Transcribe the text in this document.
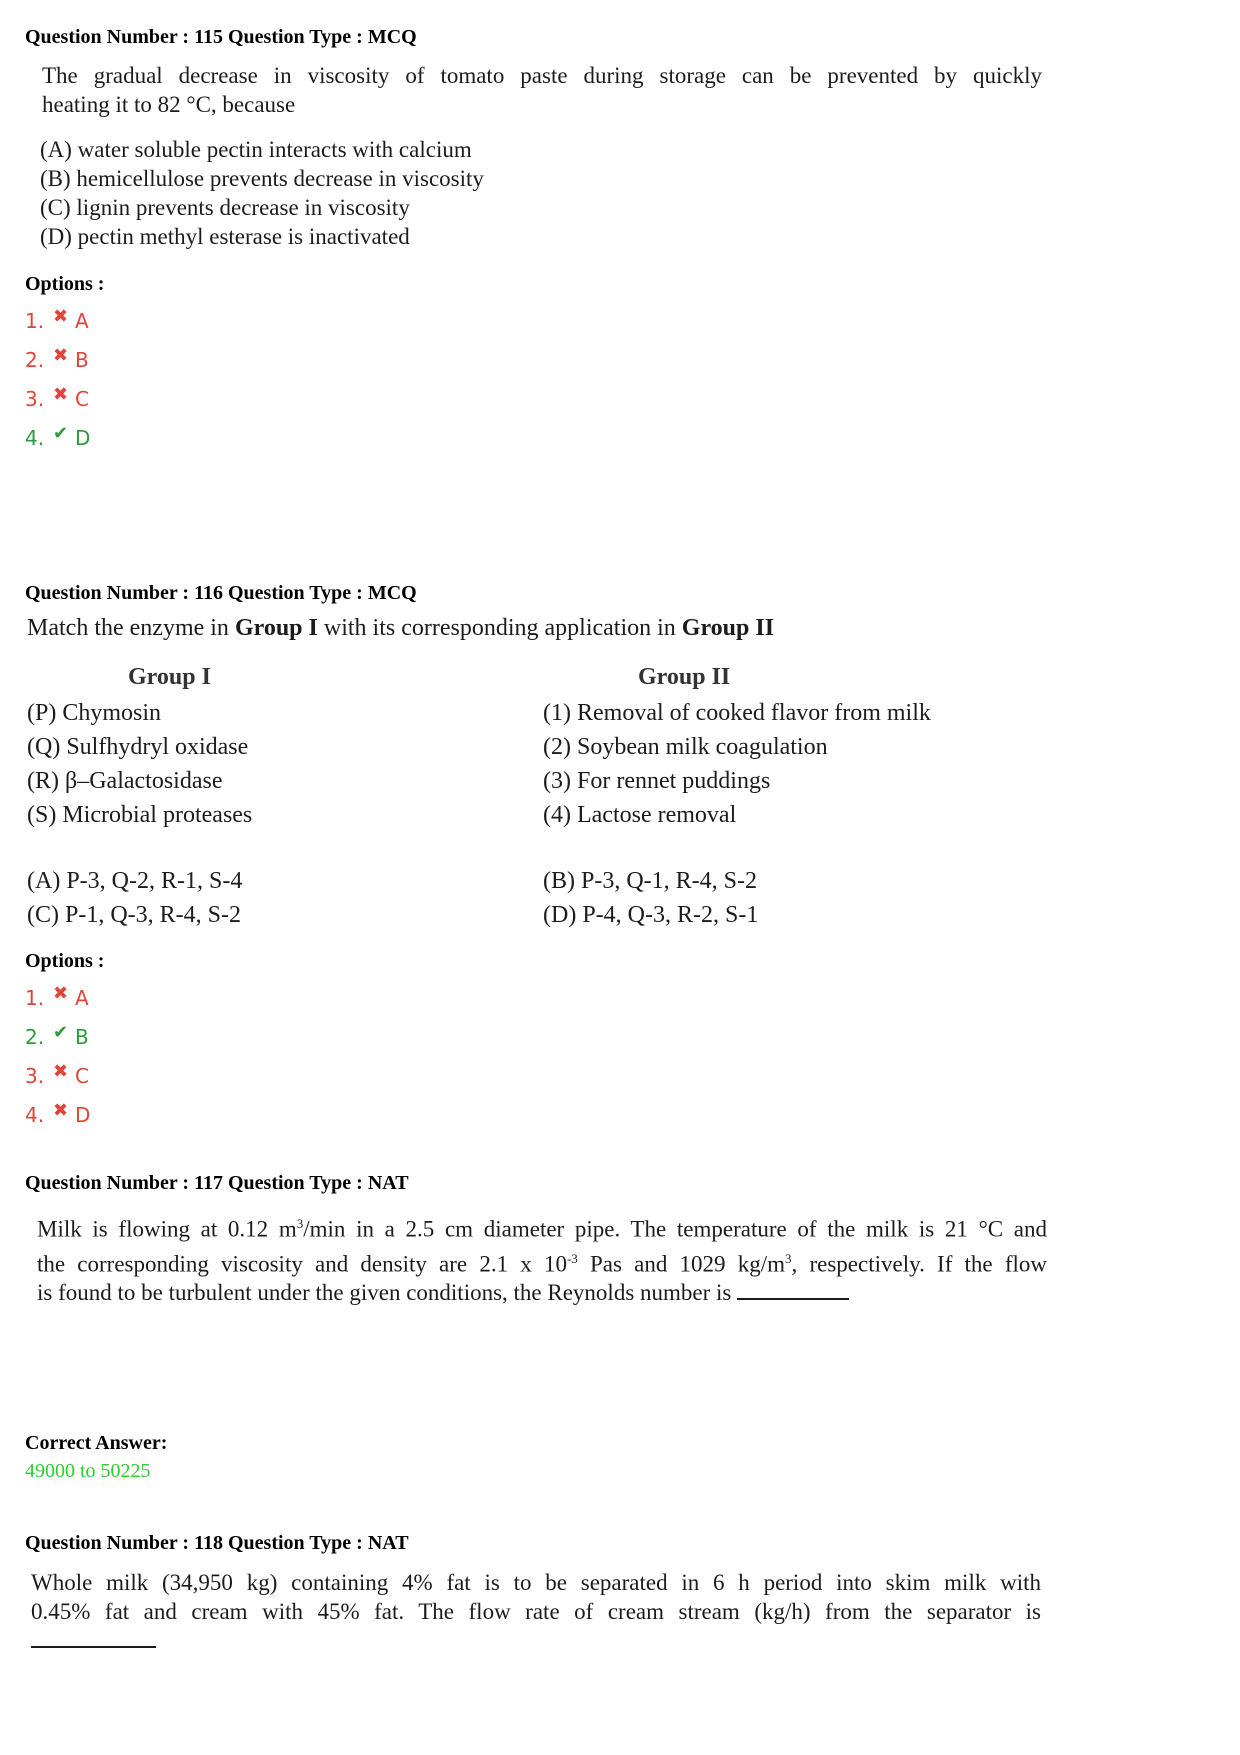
Question Number : 115 Question Type : MCQ
The gradual decrease in viscosity of tomato paste during storage can be prevented by quickly
heating it to 82 °C, because
(A) water soluble pectin interacts with calcium
(B) hemicellulose prevents decrease in viscosity
(C) lignin prevents decrease in viscosity
(D) pectin methyl esterase is inactivated
Options :
1. ✖ A
2. ✖ B
3. ✖ C
4. ✔ D
Question Number : 116 Question Type : MCQ
Match the enzyme in Group I with its corresponding application in Group II
Group I	Group II
(P) Chymosin
(Q) Sulfhydryl oxidase
(R) β–Galactosidase
(S) Microbial proteases
(1) Removal of cooked flavor from milk
(2) Soybean milk coagulation
(3) For rennet puddings
(4) Lactose removal
(A) P-3, Q-2, R-1, S-4
(C) P-1, Q-3, R-4, S-2
(B) P-3, Q-1, R-4, S-2
(D) P-4, Q-3, R-2, S-1
Options :
1. ✖ A
2. ✔ B
3. ✖ C
4. ✖ D
Question Number : 117 Question Type : NAT
Milk is flowing at 0.12 $m^3/\min$ in a 2.5 cm diameter pipe. The temperature of the milk is 21 °C and
the corresponding viscosity and density are 2.1 x $10^{-3}$ Pas and 1029 $kg/m^3$, respectively. If the flow
is found to be turbulent under the given conditions, the Reynolds number is
Correct Answer:
49000 to 50225
Question Number : 118 Question Type : NAT
Whole milk (34,950 kg) containing 4% fat is to be separated in 6 h period into skim milk with
0.45% fat and cream with 45% fat. The flow rate of cream stream (kg/h) from the separator is
